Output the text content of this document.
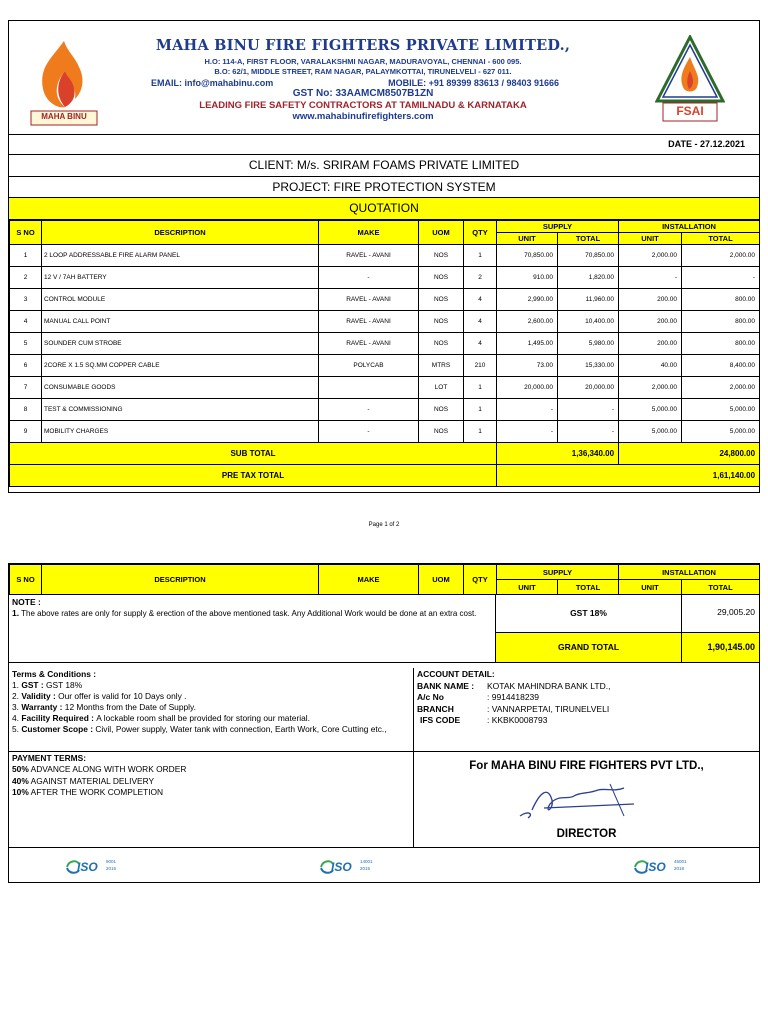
MAHA BINU
MAHA BINU FIRE FIGHTERS PRIVATE LIMITED.,
H.O: 114-A, FIRST FLOOR, VARALAKSHMI NAGAR, MADURAVOYAL, CHENNAI - 600 095.
B.O: 62/1, MIDDLE STREET, RAM NAGAR, PALAYMKOTTAI, TIRUNELVELI - 627 011.
EMAIL: info@mahabinu.com	MOBILE: +91 89399 83613 / 98403 91666
GST No: 33AAMCM8507B1ZN
LEADING FIRE SAFETY CONTRACTORS AT TAMILNADU & KARNATAKA
www.mahabinufirefighters.com	FSAI
DATE - 27.12.2021
CLIENT: M/s. SRIRAM FOAMS PRIVATE LIMITED
PROJECT: FIRE PROTECTION SYSTEM
QUOTATION
S NO	DESCRIPTION	MAKE	UOM	QTY	SUPPLY		INSTALLATION	
					UNIT	TOTAL	UNIT	TOTAL
1	2 LOOP ADDRESSABLE FIRE ALARM PANEL	RAVEL - AVANI	NOS	1	70,850.00	70,850.00	2,000.00	2,000.00
2	12 V / 7AH BATTERY	-	NOS	2	910.00	1,820.00	-	-
3	CONTROL MODULE	RAVEL - AVANI	NOS	4	2,990.00	11,960.00	200.00	800.00
4	MANUAL CALL POINT	RAVEL - AVANI	NOS	4	2,600.00	10,400.00	200.00	800.00
5	SOUNDER CUM STROBE	RAVEL - AVANI	NOS	4	1,495.00	5,980.00	200.00	800.00
6	2CORE X 1.5 SQ.MM COPPER CABLE	POLYCAB	MTRS	210	73.00	15,330.00	40.00	8,400.00
7	CONSUMABLE GOODS		LOT	1	20,000.00	20,000.00	2,000.00	2,000.00
8	TEST & COMMISSIONING	-	NOS	1	-	-	5,000.00	5,000.00
9	MOBILITY CHARGES	-	NOS	1	-	-	5,000.00	5,000.00
SUB TOTAL					1,36,340.00		24,800.00	
PRE TAX TOTAL					1,61,140.00			
Page 1 of 2
S NO	DESCRIPTION	MAKE	UOM	QTY	SUPPLY		INSTALLATION	
					UNIT	TOTAL	UNIT	TOTAL
NOTE :
1. The above rates are only for supply & erection of the above mentioned task. Any Additional Work would be done at an extra cost.	GST 18%	29,005.20
GRAND TOTAL	1,90,145.00
Terms & Conditions :
1. GST : GST 18%
2. Validity : Our offer is valid for 10 Days only .
3. Warranty : 12 Months from the Date of Supply.
4. Facility Required : A lockable room shall be provided for storing our material.
5. Customer Scope : Civil, Power supply, Water tank with connection, Earth Work, Core Cutting etc.,
ACCOUNT DETAIL:
BANK NAME : KOTAK MAHINDRA BANK LTD.,
A/c No	: 9914418239
BRANCH	: VANNARPETAI, TIRUNELVELI
IFS CODE	: KKBK0008793
PAYMENT TERMS:
50% ADVANCE ALONG WITH WORK ORDER
40% AGAINST MATERIAL DELIVERY
10% AFTER THE WORK COMPLETION
For MAHA BINU FIRE FIGHTERS PVT LTD.,
DIRECTOR
ISO 9001
2015	ISO 14001
2015	ISO 45001
2018
